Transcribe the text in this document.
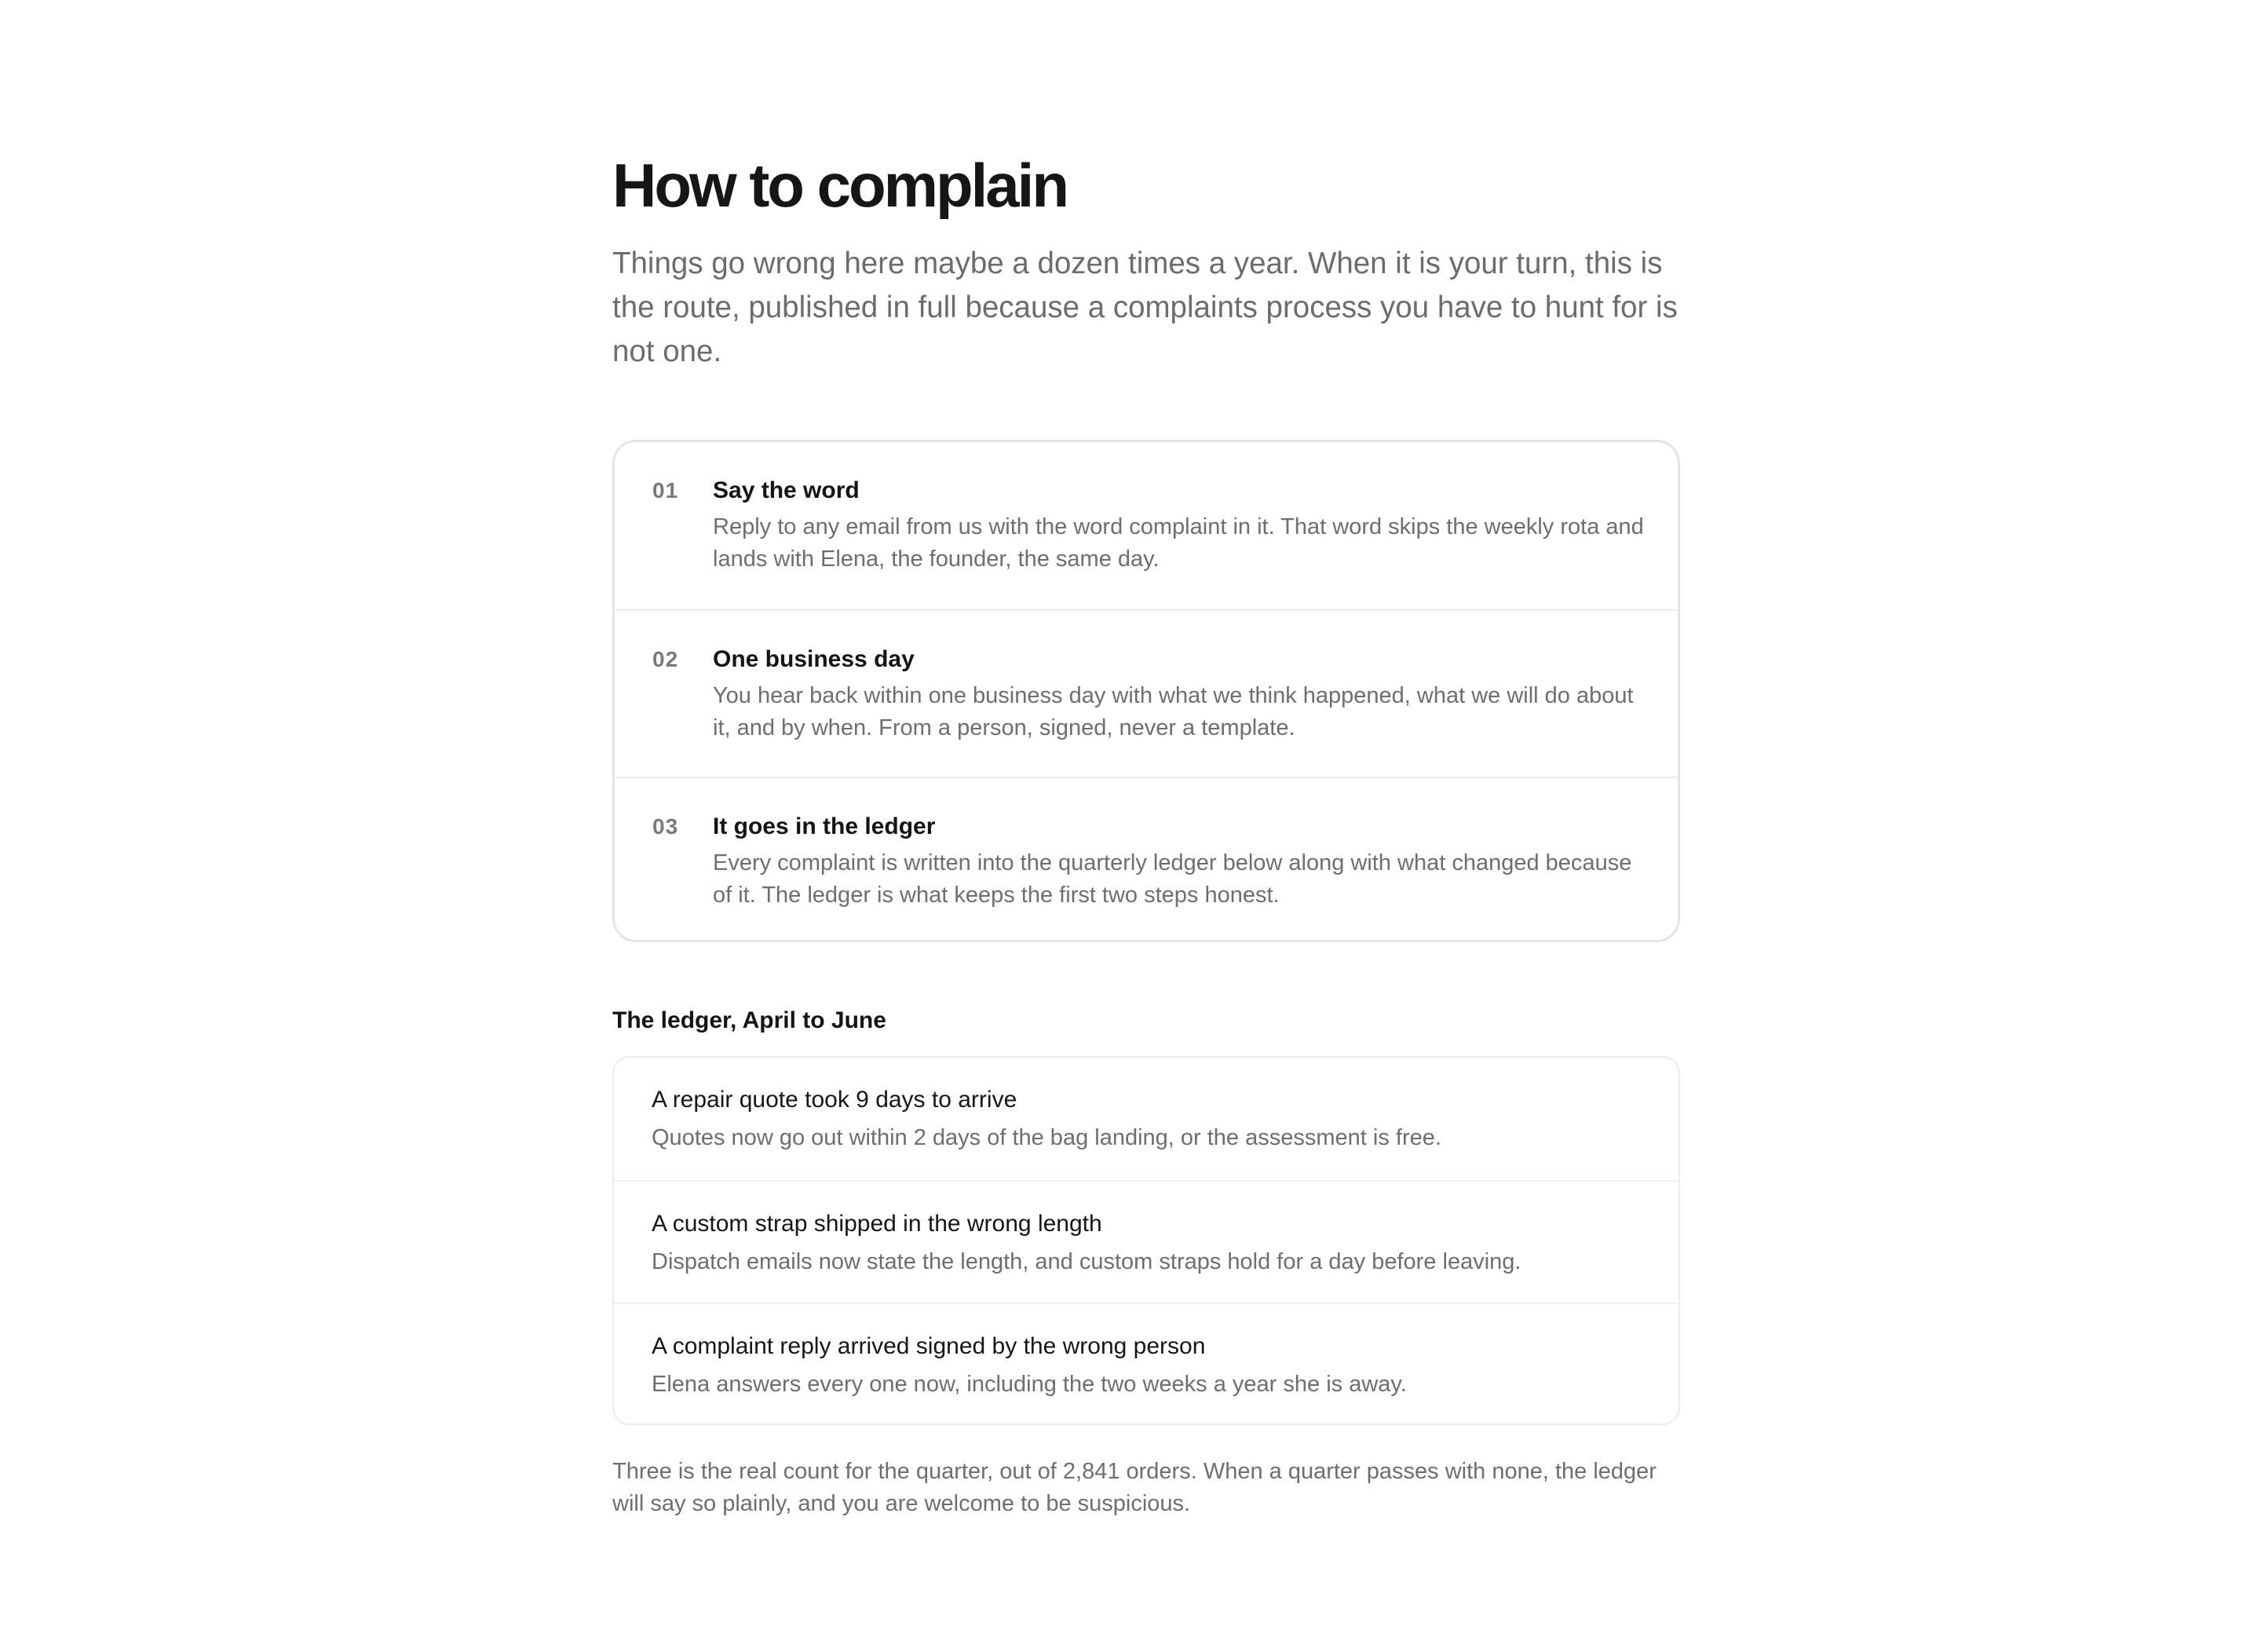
How to complain

Things go wrong here maybe a dozen times a year. When it is your turn, this is the route, published in full because a complaints process you have to hunt for is not one.

01 Say the word
Reply to any email from us with the word complaint in it. That word skips the weekly rota and lands with Elena, the founder, the same day.
02 One business day
You hear back within one business day with what we think happened, what we will do about it, and by when. From a person, signed, never a template.
03 It goes in the ledger
Every complaint is written into the quarterly ledger below along with what changed because of it. The ledger is what keeps the first two steps honest.
The ledger, April to June
A repair quote took 9 days to arrive
Quotes now go out within 2 days of the bag landing, or the assessment is free.
A custom strap shipped in the wrong length
Dispatch emails now state the length, and custom straps hold for a day before leaving.
A complaint reply arrived signed by the wrong person
Elena answers every one now, including the two weeks a year she is away.

Three is the real count for the quarter, out of 2,841 orders. When a quarter passes with none, the ledger will say so plainly, and you are welcome to be suspicious.
